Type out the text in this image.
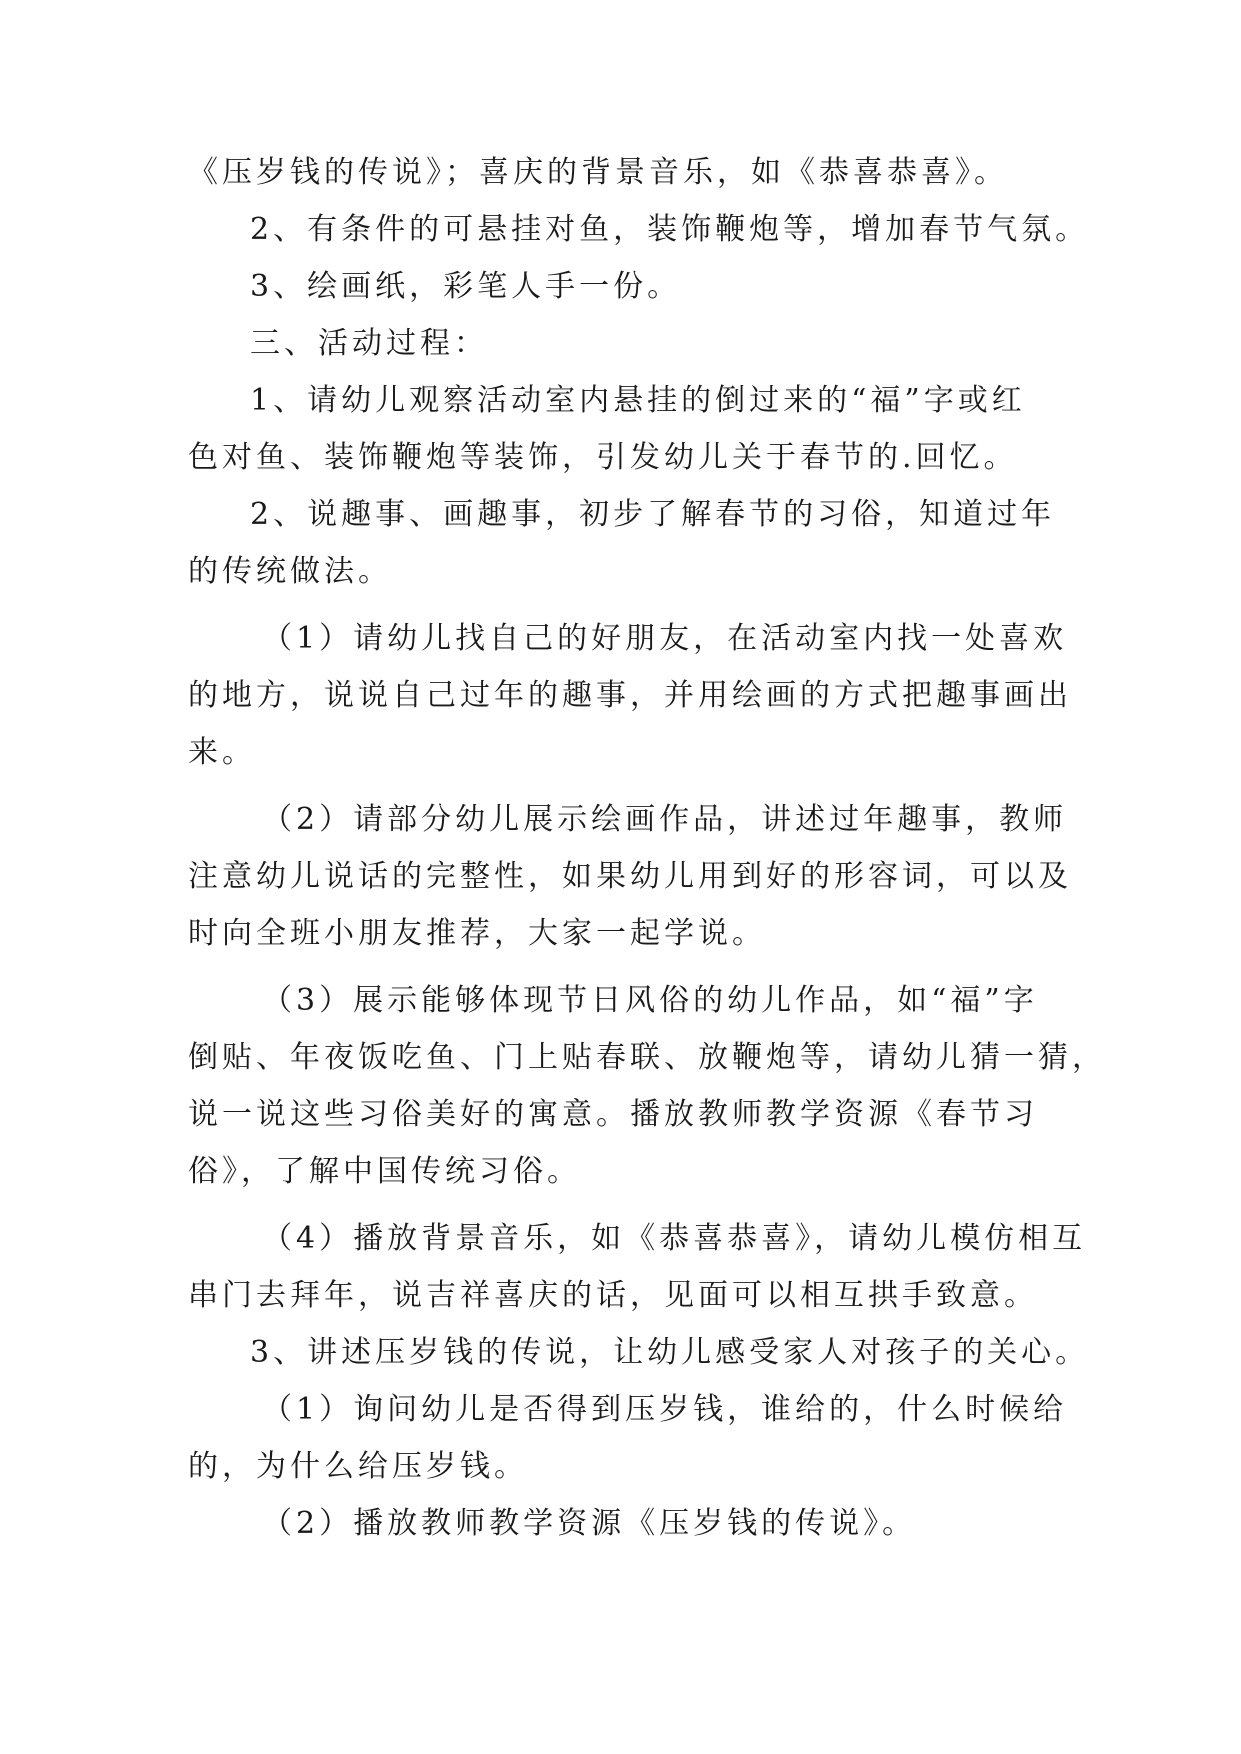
《压岁钱的传说》；喜庆的背景音乐，如《恭喜恭喜》。
2、有条件的可悬挂对鱼，装饰鞭炮等，增加春节气氛。
3、绘画纸，彩笔人手一份。
三、活动过程：
1、请幼儿观察活动室内悬挂的倒过来的“福”字或红
色对鱼、装饰鞭炮等装饰，引发幼儿关于春节的.回忆。
2、说趣事、画趣事，初步了解春节的习俗，知道过年
的传统做法。
（1）请幼儿找自己的好朋友，在活动室内找一处喜欢
的地方，说说自己过年的趣事，并用绘画的方式把趣事画出
来。
（2）请部分幼儿展示绘画作品，讲述过年趣事，教师
注意幼儿说话的完整性，如果幼儿用到好的形容词，可以及
时向全班小朋友推荐，大家一起学说。
（3）展示能够体现节日风俗的幼儿作品，如“福”字
倒贴、年夜饭吃鱼、门上贴春联、放鞭炮等，请幼儿猜一猜，
说一说这些习俗美好的寓意。播放教师教学资源《春节习
俗》，了解中国传统习俗。
（4）播放背景音乐，如《恭喜恭喜》，请幼儿模仿相互
串门去拜年，说吉祥喜庆的话，见面可以相互拱手致意。
3、讲述压岁钱的传说，让幼儿感受家人对孩子的关心。
（1）询问幼儿是否得到压岁钱，谁给的，什么时候给
的，为什么给压岁钱。
（2）播放教师教学资源《压岁钱的传说》。
